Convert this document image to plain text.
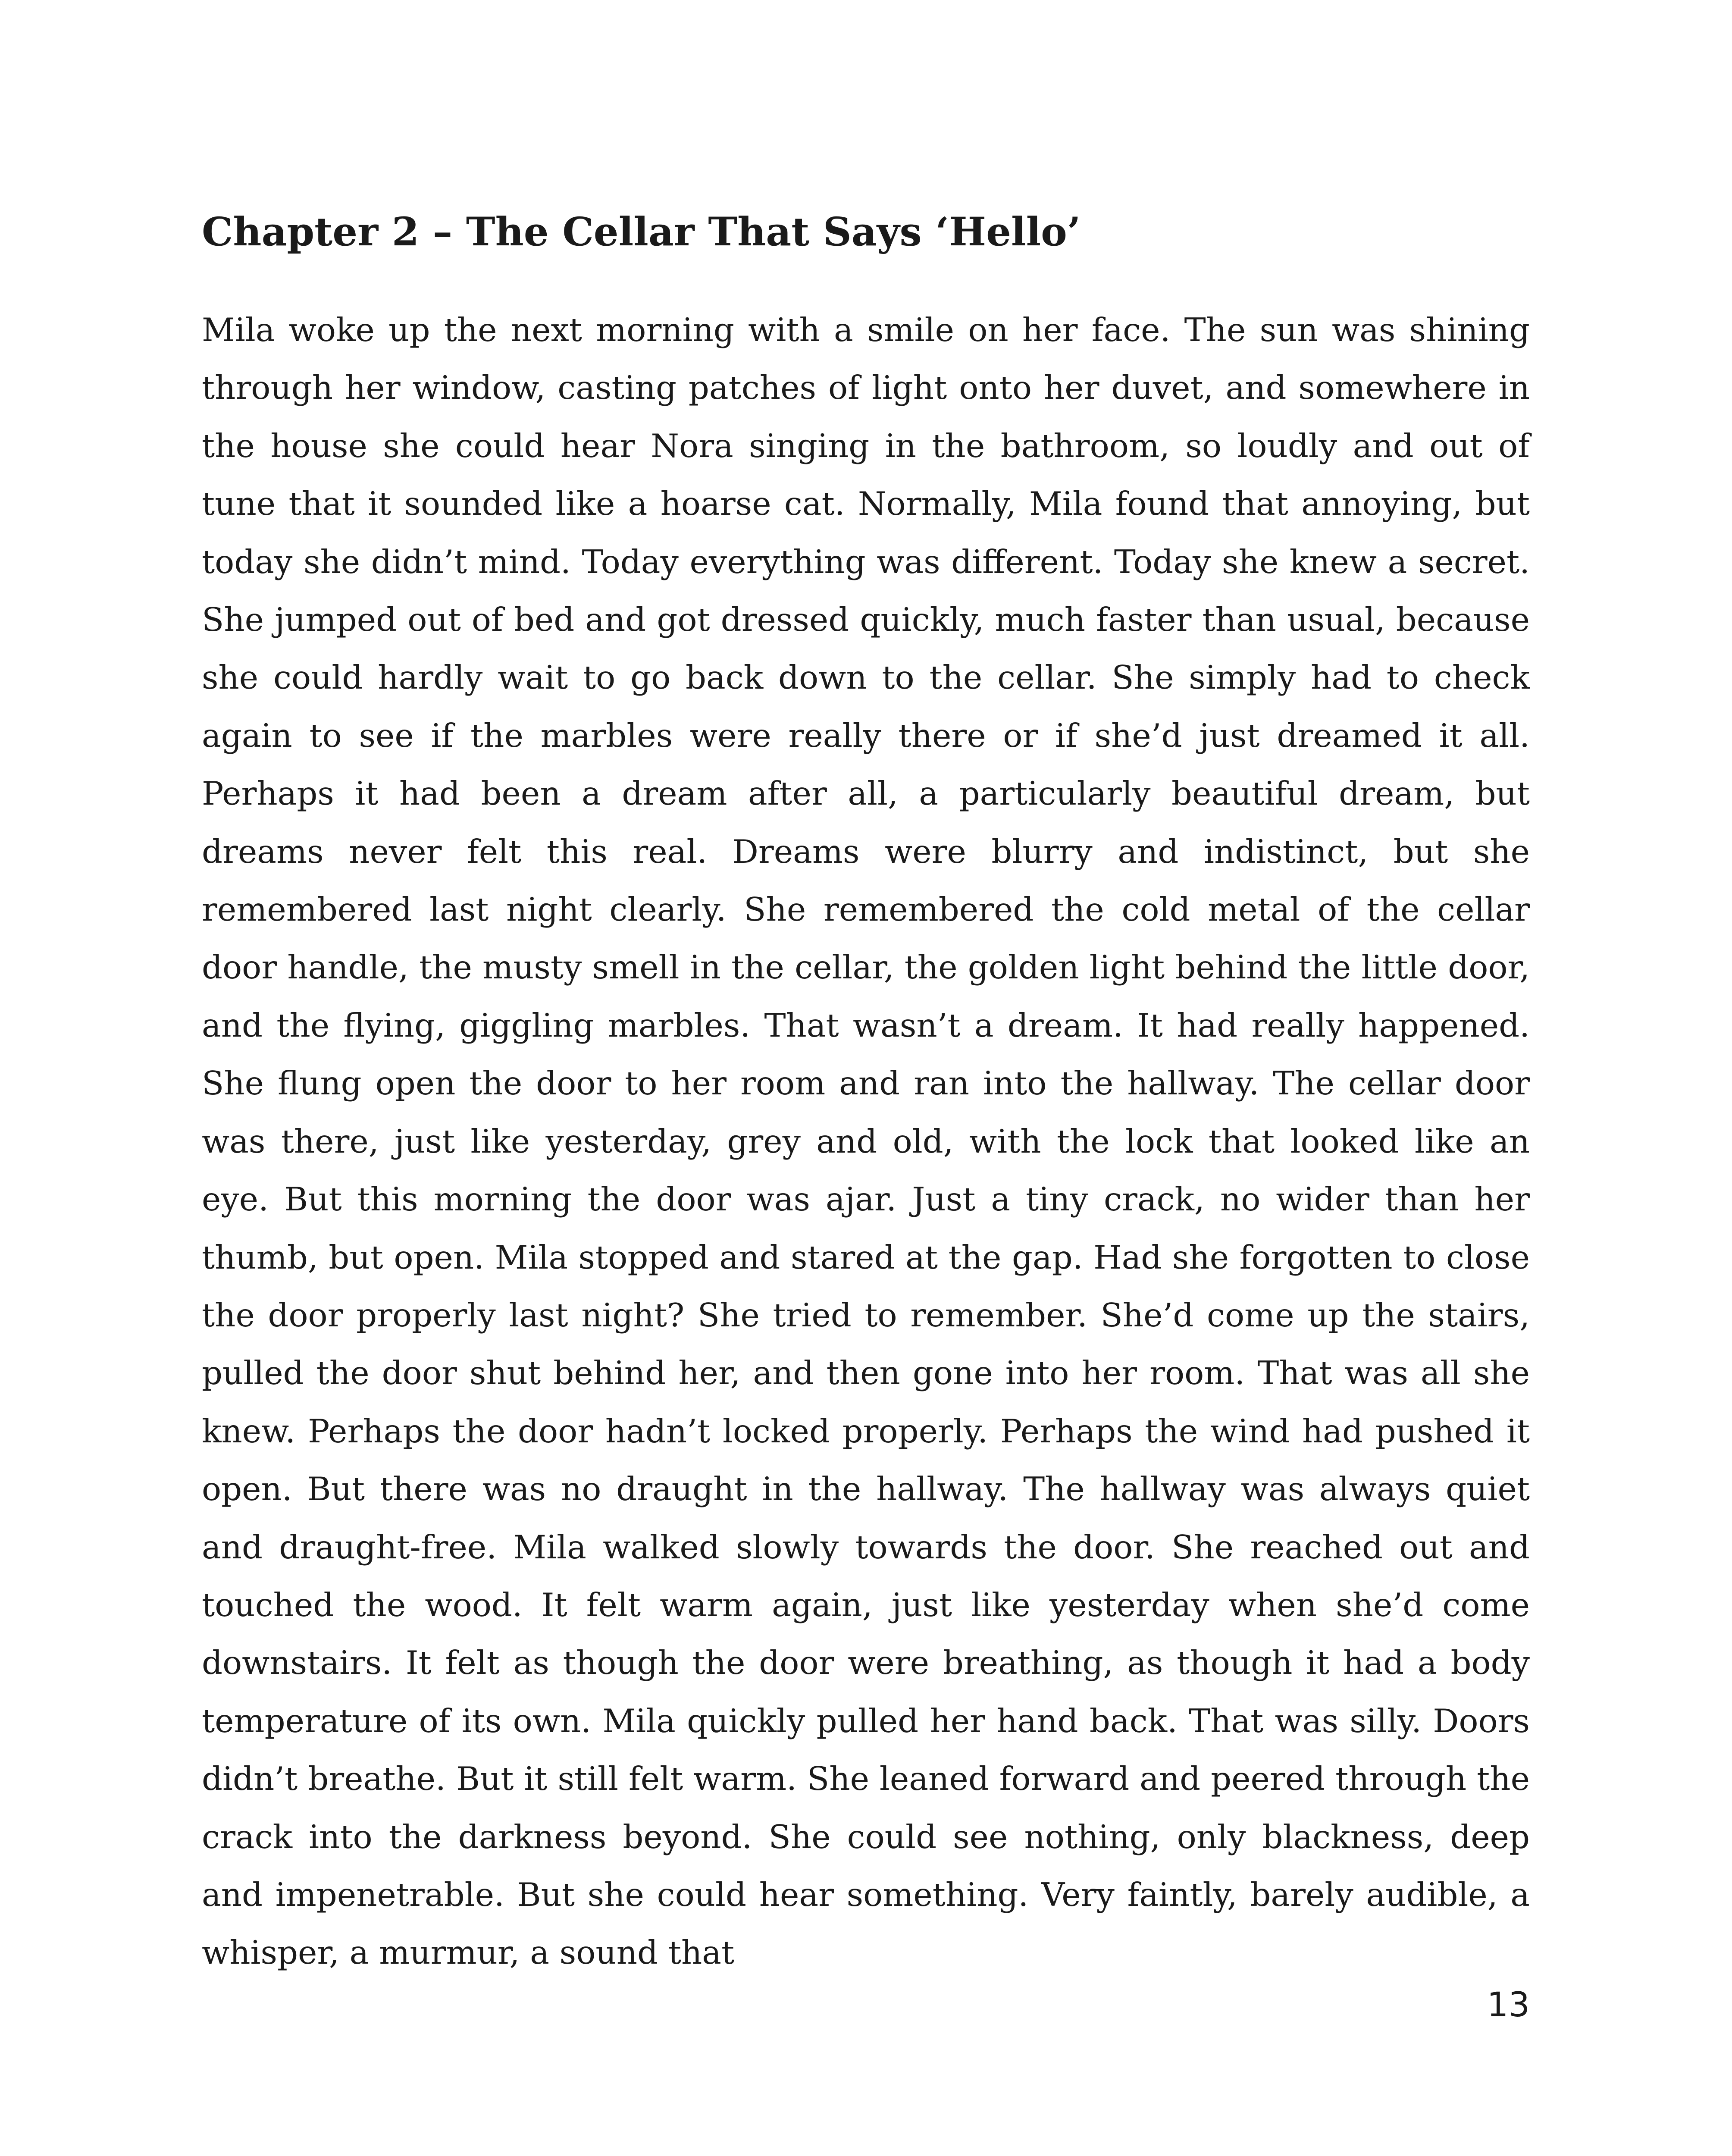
Chapter 2 – The Cellar That Says ‘Hello’

Mila woke up the next morning with a smile on her face. The sun was shining through her window, casting patches of light onto her duvet, and somewhere in the house she could hear Nora singing in the bathroom, so loudly and out of tune that it sounded like a hoarse cat. Normally, Mila found that annoying, but today she didn’t mind. Today everything was different. Today she knew a secret. She jumped out of bed and got dressed quickly, much faster than usual, because she could hardly wait to go back down to the cellar. She simply had to check again to see if the marbles were really there or if she’d just dreamed it all. Perhaps it had been a dream after all, a particularly beautiful dream, but dreams never felt this real. Dreams were blurry and indistinct, but she remembered last night clearly. She remembered the cold metal of the cellar door handle, the musty smell in the cellar, the golden light behind the little door, and the flying, giggling marbles. That wasn’t a dream. It had really happened. She flung open the door to her room and ran into the hallway. The cellar door was there, just like yesterday, grey and old, with the lock that looked like an eye. But this morning the door was ajar. Just a tiny crack, no wider than her thumb, but open. Mila stopped and stared at the gap. Had she forgotten to close the door properly last night? She tried to remember. She’d come up the stairs, pulled the door shut behind her, and then gone into her room. That was all she knew. Perhaps the door hadn’t locked properly. Perhaps the wind had pushed it open. But there was no draught in the hallway. The hallway was always quiet and draught-free. Mila walked slowly towards the door. She reached out and touched the wood. It felt warm again, just like yesterday when she’d come downstairs. It felt as though the door were breathing, as though it had a body temperature of its own. Mila quickly pulled her hand back. That was silly. Doors didn’t breathe. But it still felt warm. She leaned forward and peered through the crack into the darkness beyond. She could see nothing, only blackness, deep and impenetrable. But she could hear something. Very faintly, barely audible, a whisper, a murmur, a sound that

13
